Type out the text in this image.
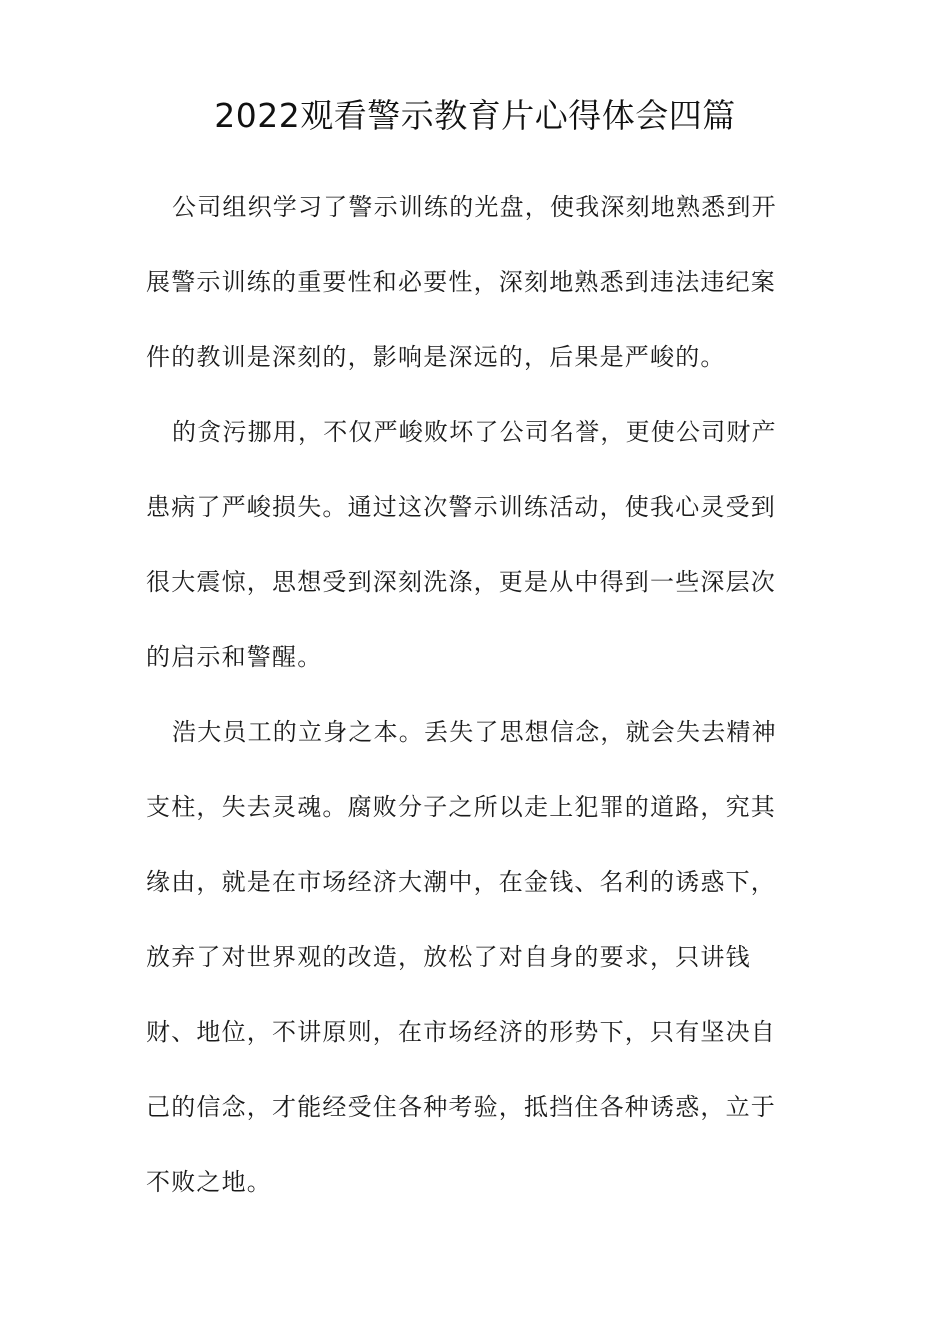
2022观看警示教育片心得体会四篇
公司组织学习了警示训练的光盘，使我深刻地熟悉到开
展警示训练的重要性和必要性，深刻地熟悉到违法违纪案
件的教训是深刻的，影响是深远的，后果是严峻的。
的贪污挪用，不仅严峻败坏了公司名誉，更使公司财产
患病了严峻损失。通过这次警示训练活动，使我心灵受到
很大震惊，思想受到深刻洗涤，更是从中得到一些深层次
的启示和警醒。
浩大员工的立身之本。丢失了思想信念，就会失去精神
支柱，失去灵魂。腐败分子之所以走上犯罪的道路，究其
缘由，就是在市场经济大潮中，在金钱、名利的诱惑下，
放弃了对世界观的改造，放松了对自身的要求，只讲钱
财、地位，不讲原则，在市场经济的形势下，只有坚决自
己的信念，才能经受住各种考验，抵挡住各种诱惑，立于
不败之地。
